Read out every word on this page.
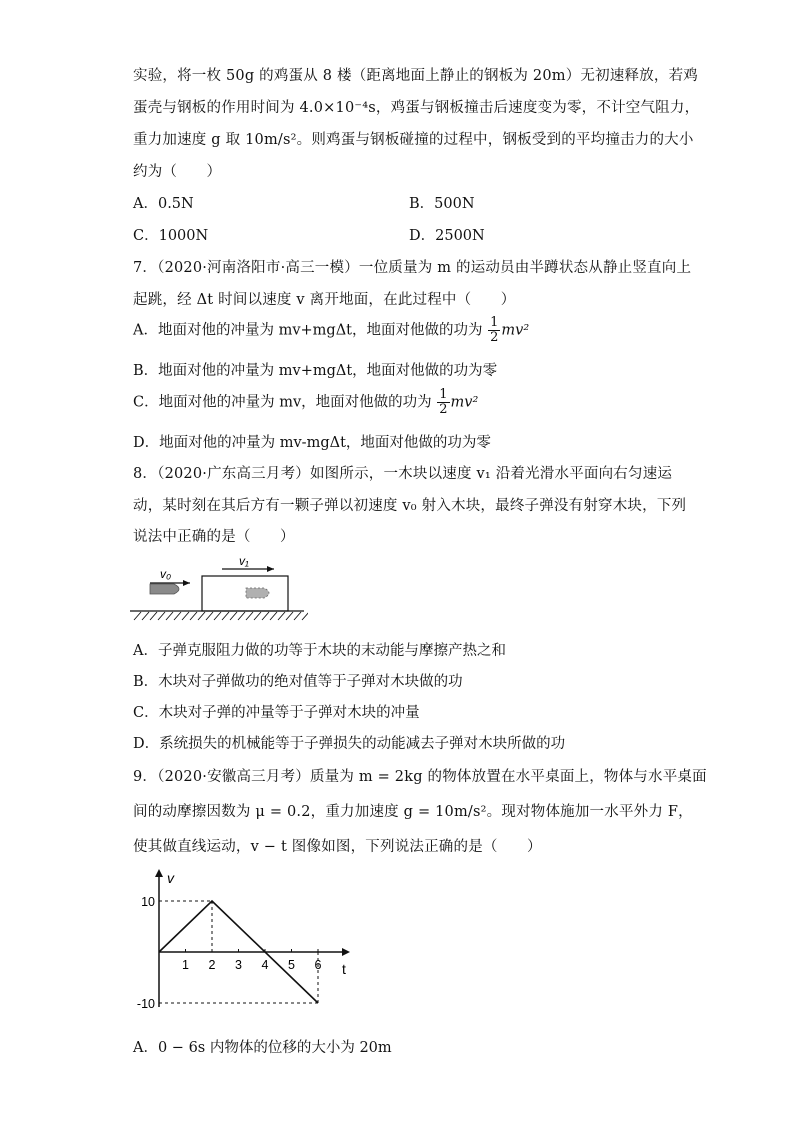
实验，将一枚 50g 的鸡蛋从 8 楼（距离地面上静止的钢板为 20m）无初速释放，若鸡
蛋壳与钢板的作用时间为 4.0×10⁻⁴s，鸡蛋与钢板撞击后速度变为零，不计空气阻力，
重力加速度 g 取 10m/s²。则鸡蛋与钢板碰撞的过程中，钢板受到的平均撞击力的大小
约为（　　）
A．0.5N	B．500N
C．1000N	D．2500N
7．（2020·河南洛阳市·高三一模）一位质量为 m 的运动员由半蹲状态从静止竖直向上
起跳，经 Δt 时间以速度 v 离开地面，在此过程中（　　）
A．地面对他的冲量为 mv+mgΔt，地面对他做的功为 $\frac{1}{2} mv^2$
B．地面对他的冲量为 mv+mgΔt，地面对他做的功为零
C．地面对他的冲量为 mv，地面对他做的功为 $\frac{1}{2} mv^2$
D．地面对他的冲量为 mv-mgΔt，地面对他做的功为零
8．（2020·广东高三月考）如图所示，一木块以速度 v₁ 沿着光滑水平面向右匀速运
动，某时刻在其后方有一颗子弹以初速度 v₀ 射入木块，最终子弹没有射穿木块，下列
说法中正确的是（　　）
v₀
v₁
A．子弹克服阻力做的功等于木块的末动能与摩擦产热之和
B．木块对子弹做功的绝对值等于子弹对木块做的功
C．木块对子弹的冲量等于子弹对木块的冲量
D．系统损失的机械能等于子弹损失的动能减去子弹对木块所做的功
9．（2020·安徽高三月考）质量为 m = 2kg 的物体放置在水平桌面上，物体与水平桌面
间的动摩擦因数为 μ = 0.2，重力加速度 g = 10m/s²。现对物体施加一水平外力 F，
使其做直线运动，v − t 图像如图，下列说法正确的是（　　）
v
t
1 2 3 4 5 6
10
-10
A．0 − 6s 内物体的位移的大小为 20m
